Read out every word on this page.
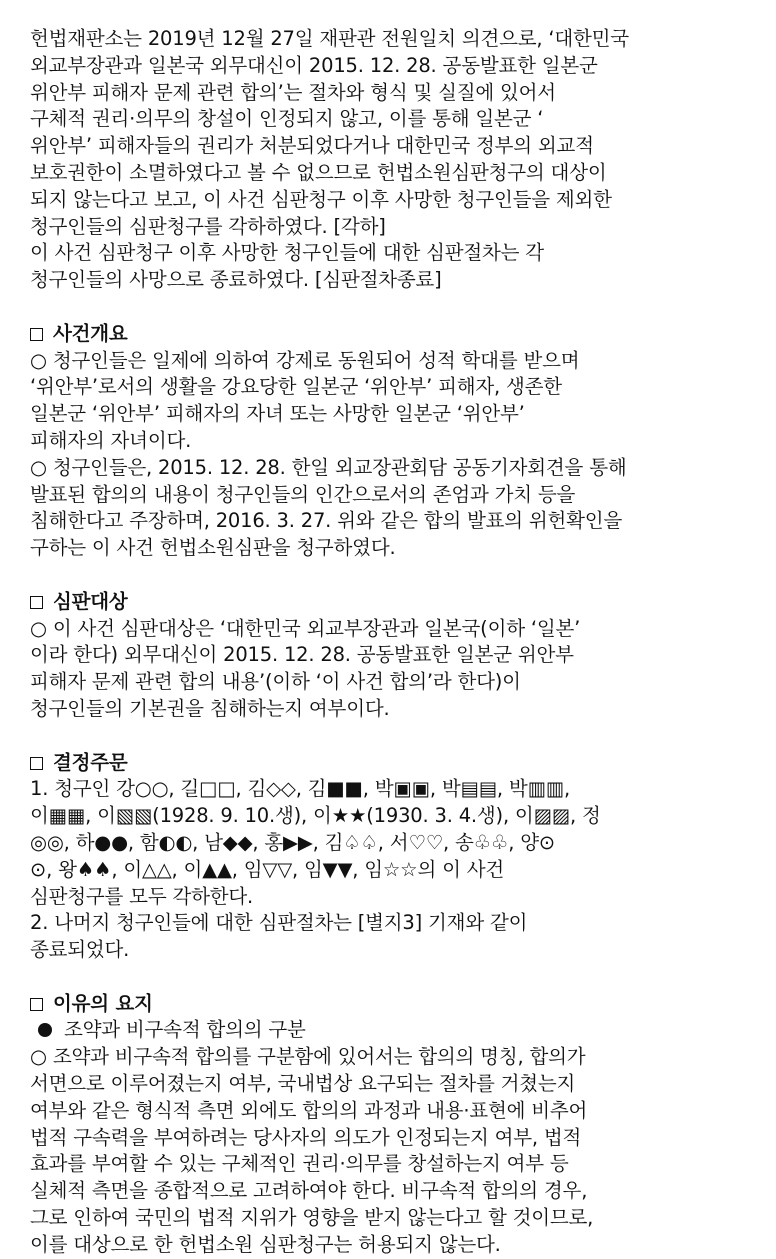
헌법재판소는 2019년 12월 27일 재판관 전원일치 의견으로, ‘대한민국
외교부장관과 일본국 외무대신이 2015. 12. 28. 공동발표한 일본군
위안부 피해자 문제 관련 합의’는 절차와 형식 및 실질에 있어서
구체적 권리·의무의 창설이 인정되지 않고, 이를 통해 일본군 ‘
위안부’ 피해자들의 권리가 처분되었다거나 대한민국 정부의 외교적
보호권한이 소멸하였다고 볼 수 없으므로 헌법소원심판청구의 대상이
되지 않는다고 보고, 이 사건 심판청구 이후 사망한 청구인들을 제외한
청구인들의 심판청구를 각하하였다. [각하]
이 사건 심판청구 이후 사망한 청구인들에 대한 심판절차는 각
청구인들의 사망으로 종료하였다. [심판절차종료]
사건개요
○ 청구인들은 일제에 의하여 강제로 동원되어 성적 학대를 받으며
‘위안부’로서의 생활을 강요당한 일본군 ‘위안부’ 피해자, 생존한
일본군 ‘위안부’ 피해자의 자녀 또는 사망한 일본군 ‘위안부’
피해자의 자녀이다.
○ 청구인들은, 2015. 12. 28. 한일 외교장관회담 공동기자회견을 통해
발표된 합의의 내용이 청구인들의 인간으로서의 존엄과 가치 등을
침해한다고 주장하며, 2016. 3. 27. 위와 같은 합의 발표의 위헌확인을
구하는 이 사건 헌법소원심판을 청구하였다.
심판대상
○ 이 사건 심판대상은 ‘대한민국 외교부장관과 일본국(이하 ‘일본’
이라 한다) 외무대신이 2015. 12. 28. 공동발표한 일본군 위안부
피해자 문제 관련 합의 내용’(이하 ‘이 사건 합의’라 한다)이
청구인들의 기본권을 침해하는지 여부이다.
결정주문
1. 청구인 강○○, 길□□, 김◇◇, 김■■, 박▣▣, 박▤▤, 박▥▥,
이▦▦, 이▧▧(1928. 9. 10.생), 이★★(1930. 3. 4.생), 이▨▨, 정
◎◎, 하●●, 함◐◐, 남◆◆, 홍▶▶, 김♤♤, 서♡♡, 송♧♧, 양⊙
⊙, 왕♠♠, 이△△, 이▲▲, 임▽▽, 임▼▼, 임☆☆의 이 사건
심판청구를 모두 각하한다.
2. 나머지 청구인들에 대한 심판절차는 [별지3] 기재와 같이
종료되었다.
이유의 요지
조약과 비구속적 합의의 구분
○ 조약과 비구속적 합의를 구분함에 있어서는 합의의 명칭, 합의가
서면으로 이루어졌는지 여부, 국내법상 요구되는 절차를 거쳤는지
여부와 같은 형식적 측면 외에도 합의의 과정과 내용·표현에 비추어
법적 구속력을 부여하려는 당사자의 의도가 인정되는지 여부, 법적
효과를 부여할 수 있는 구체적인 권리·의무를 창설하는지 여부 등
실체적 측면을 종합적으로 고려하여야 한다. 비구속적 합의의 경우,
그로 인하여 국민의 법적 지위가 영향을 받지 않는다고 할 것이므로,
이를 대상으로 한 헌법소원 심판청구는 허용되지 않는다.
